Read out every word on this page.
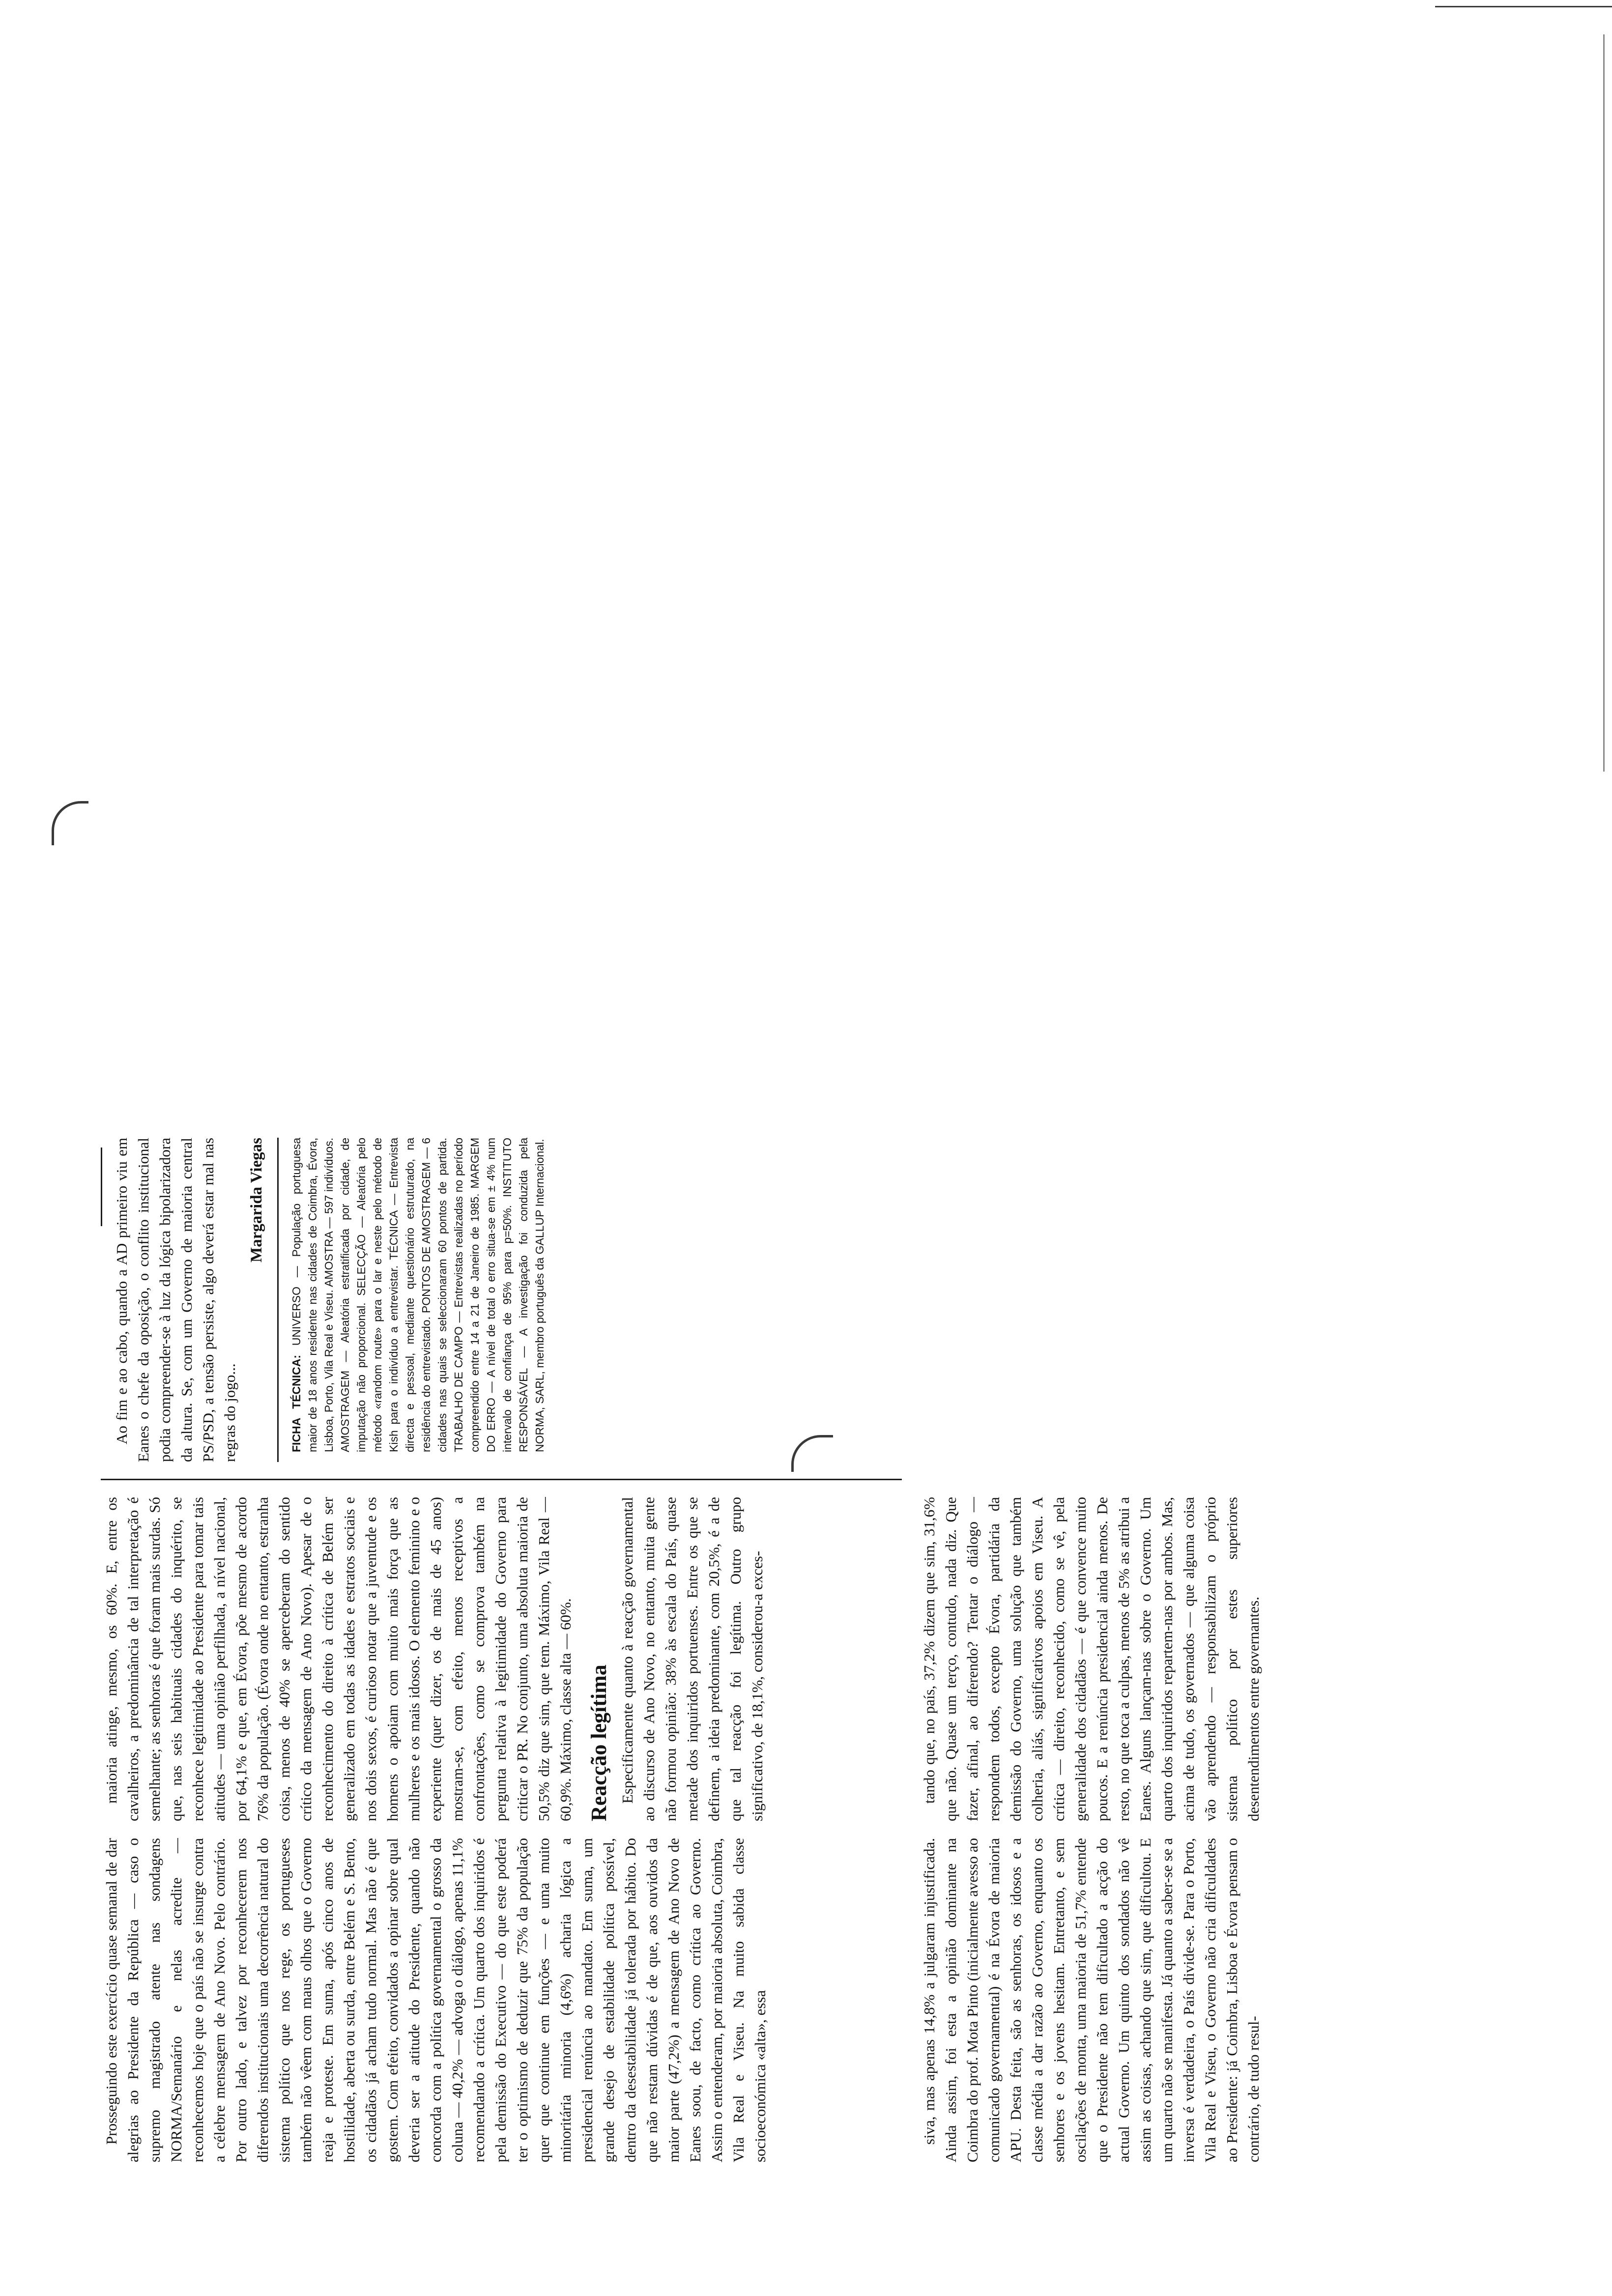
Prosseguindo este exercício quase semanal de dar alegrias ao Presidente da República — caso o supremo magistrado atente nas sondagens NORMA/Semanário e nelas acredite — reconhecemos hoje que o país não se insurge contra a célebre mensagem de Ano Novo. Pelo contrário. Por outro lado, e talvez por reconhecerem nos diferendos institucionais uma decorrência natural do sistema político que nos rege, os portugueses também não vêem com maus olhos que o Governo reaja e proteste. Em suma, após cinco anos de hostilidade, aberta ou surda, entre Belém e S. Bento, os cidadãos já acham tudo normal. Mas não é que gostem. Com efeito, convidados a opinar sobre qual deveria ser a atitude do Presidente, quando não concorda com a política governamental o grosso da coluna — 40,2% — advoga o diálogo, apenas 11,1% recomendando a crítica. Um quarto dos inquiridos é pela demissão do Executivo — do que este poderá ter o optimismo de deduzir que 75% da população quer que continue em funções — e uma muito minoritária minoria (4,6%) acharia lógica a presidencial renúncia ao mandato. Em suma, um grande desejo de estabilidade política possível, dentro da desestabilidade já tolerada por hábito. Do que não restam dúvidas é de que, aos ouvidos da maior parte (47,2%) a mensagem de Ano Novo de Eanes soou, de facto, como crítica ao Governo. Assim o entenderam, por maioria absoluta, Coimbra, Vila Real e Viseu. Na muito sabida classe socioeconómica «alta», essa

maioria atinge, mesmo, os 60%. E, entre os cavalheiros, a predominância de tal interpretação é semelhante; as senhoras é que foram mais surdas. Só que, nas seis habituais cidades do inquérito, se reconhece legitimidade ao Presidente para tomar tais atitudes — uma opinião perfilhada, a nível nacional, por 64,1% e que, em Évora, põe mesmo de acordo 76% da população. (Évora onde no entanto, estranha coisa, menos de 40% se aperceberam do sentido crítico da mensagem de Ano Novo). Apesar de o reconhecimento do direito à crítica de Belém ser generalizado em todas as idades e estratos sociais e nos dois sexos, é curioso notar que a juventude e os homens o apoiam com muito mais força que as mulheres e os mais idosos. O elemento feminino e o experiente (quer dizer, os de mais de 45 anos) mostram-se, com efeito, menos receptivos a confrontações, como se comprova também na pergunta relativa à legitimidade do Governo para criticar o PR. No conjunto, uma absoluta maioria de 50,5% diz que sim, que tem. Máximo, Vila Real — 60,9%. Máximo, classe alta — 60%. Reacção legítima Especificamente quanto à reacção governamental ao discurso de Ano Novo, no entanto, muita gente não formou opinião: 38% às escala do País, quase metade dos inquiridos portuenses. Entre os que se definem, a ideia predominante, com 20,5%, é a de que tal reacção foi legítima. Outro grupo significativo, de 18,1%, considerou-a exces-

Ao fim e ao cabo, quando a AD primeiro viu em Eanes o chefe da oposição, o conflito institucional podia compreender-se à luz da lógica bipolarizadora da altura. Se, com um Governo de maioria central PS/PSD, a tensão persiste, algo deverá estar mal nas regras do jogo...

Margarida Viegas
FICHA TÉCNICA: UNIVERSO — População portuguesa maior de 18 anos residente nas cidades de Coimbra, Évora, Lisboa, Porto, Vila Real e Viseu. AMOSTRA — 597 indivíduos. AMOSTRAGEM — Aleatória estratificada por cidade, de imputação não proporcional. SELECÇÃO — Aleatória pelo método «random route» para o lar e neste pelo método de Kish para o indivíduo a entrevistar. TÉCNICA — Entrevista directa e pessoal, mediante questionário estruturado, na residência do entrevistado. PONTOS DE AMOSTRAGEM — 6 cidades nas quais se seleccionaram 60 pontos de partida. TRABALHO DE CAMPO — Entrevistas realizadas no período compreendido entre 14 a 21 de Janeiro de 1985. MARGEM DO ERRO — A nível de total o erro situa-se em ± 4% num intervalo de confiança de 95% para p=50%. INSTITUTO RESPONSÁVEL — A investigação foi conduzida pela NORMA, SARL, membro português da GALLUP Internacional.

siva, mas apenas 14,8% a julgaram injustificada. Ainda assim, foi esta a opinião dominante na Coimbra do prof. Mota Pinto (inicialmente avesso ao comunicado governamental) é na Évora de maioria APU. Desta feita, são as senhoras, os idosos e a classe média a dar razão ao Governo, enquanto os senhores e os jovens hesitam. Entretanto, e sem oscilações de monta, uma maioria de 51,7% entende que o Presidente não tem dificultado a acção do actual Governo. Um quinto dos sondados não vê assim as coisas, achando que sim, que dificultou. E um quarto não se manifesta. Já quanto a saber-se se a inversa é verdadeira, o País divide-se. Para o Porto, Vila Real e Viseu, o Governo não cria dificuldades ao Presidente: já Coimbra, Lisboa e Évora pensam o contrário, de tudo resul-

tando que, no país, 37,2% dizem que sim, 31,6% que não. Quase um terço, contudo, nada diz. Que fazer, afinal, ao diferendo? Tentar o diálogo — respondem todos, excepto Évora, partidária da demissão do Governo, uma solução que também colheria, aliás, significativos apoios em Viseu. A crítica — direito, reconhecido, como se vê, pela generalidade dos cidadãos — é que convence muito poucos. E a renúncia presidencial ainda menos. De resto, no que toca a culpas, menos de 5% as atribui a Eanes. Alguns lançam-nas sobre o Governo. Um quarto dos inquiridos repartem-nas por ambos. Mas, acima de tudo, os governados — que alguma coisa vão aprendendo — responsabilizam o próprio sistema político por estes superiores desentendimentos entre governantes.
